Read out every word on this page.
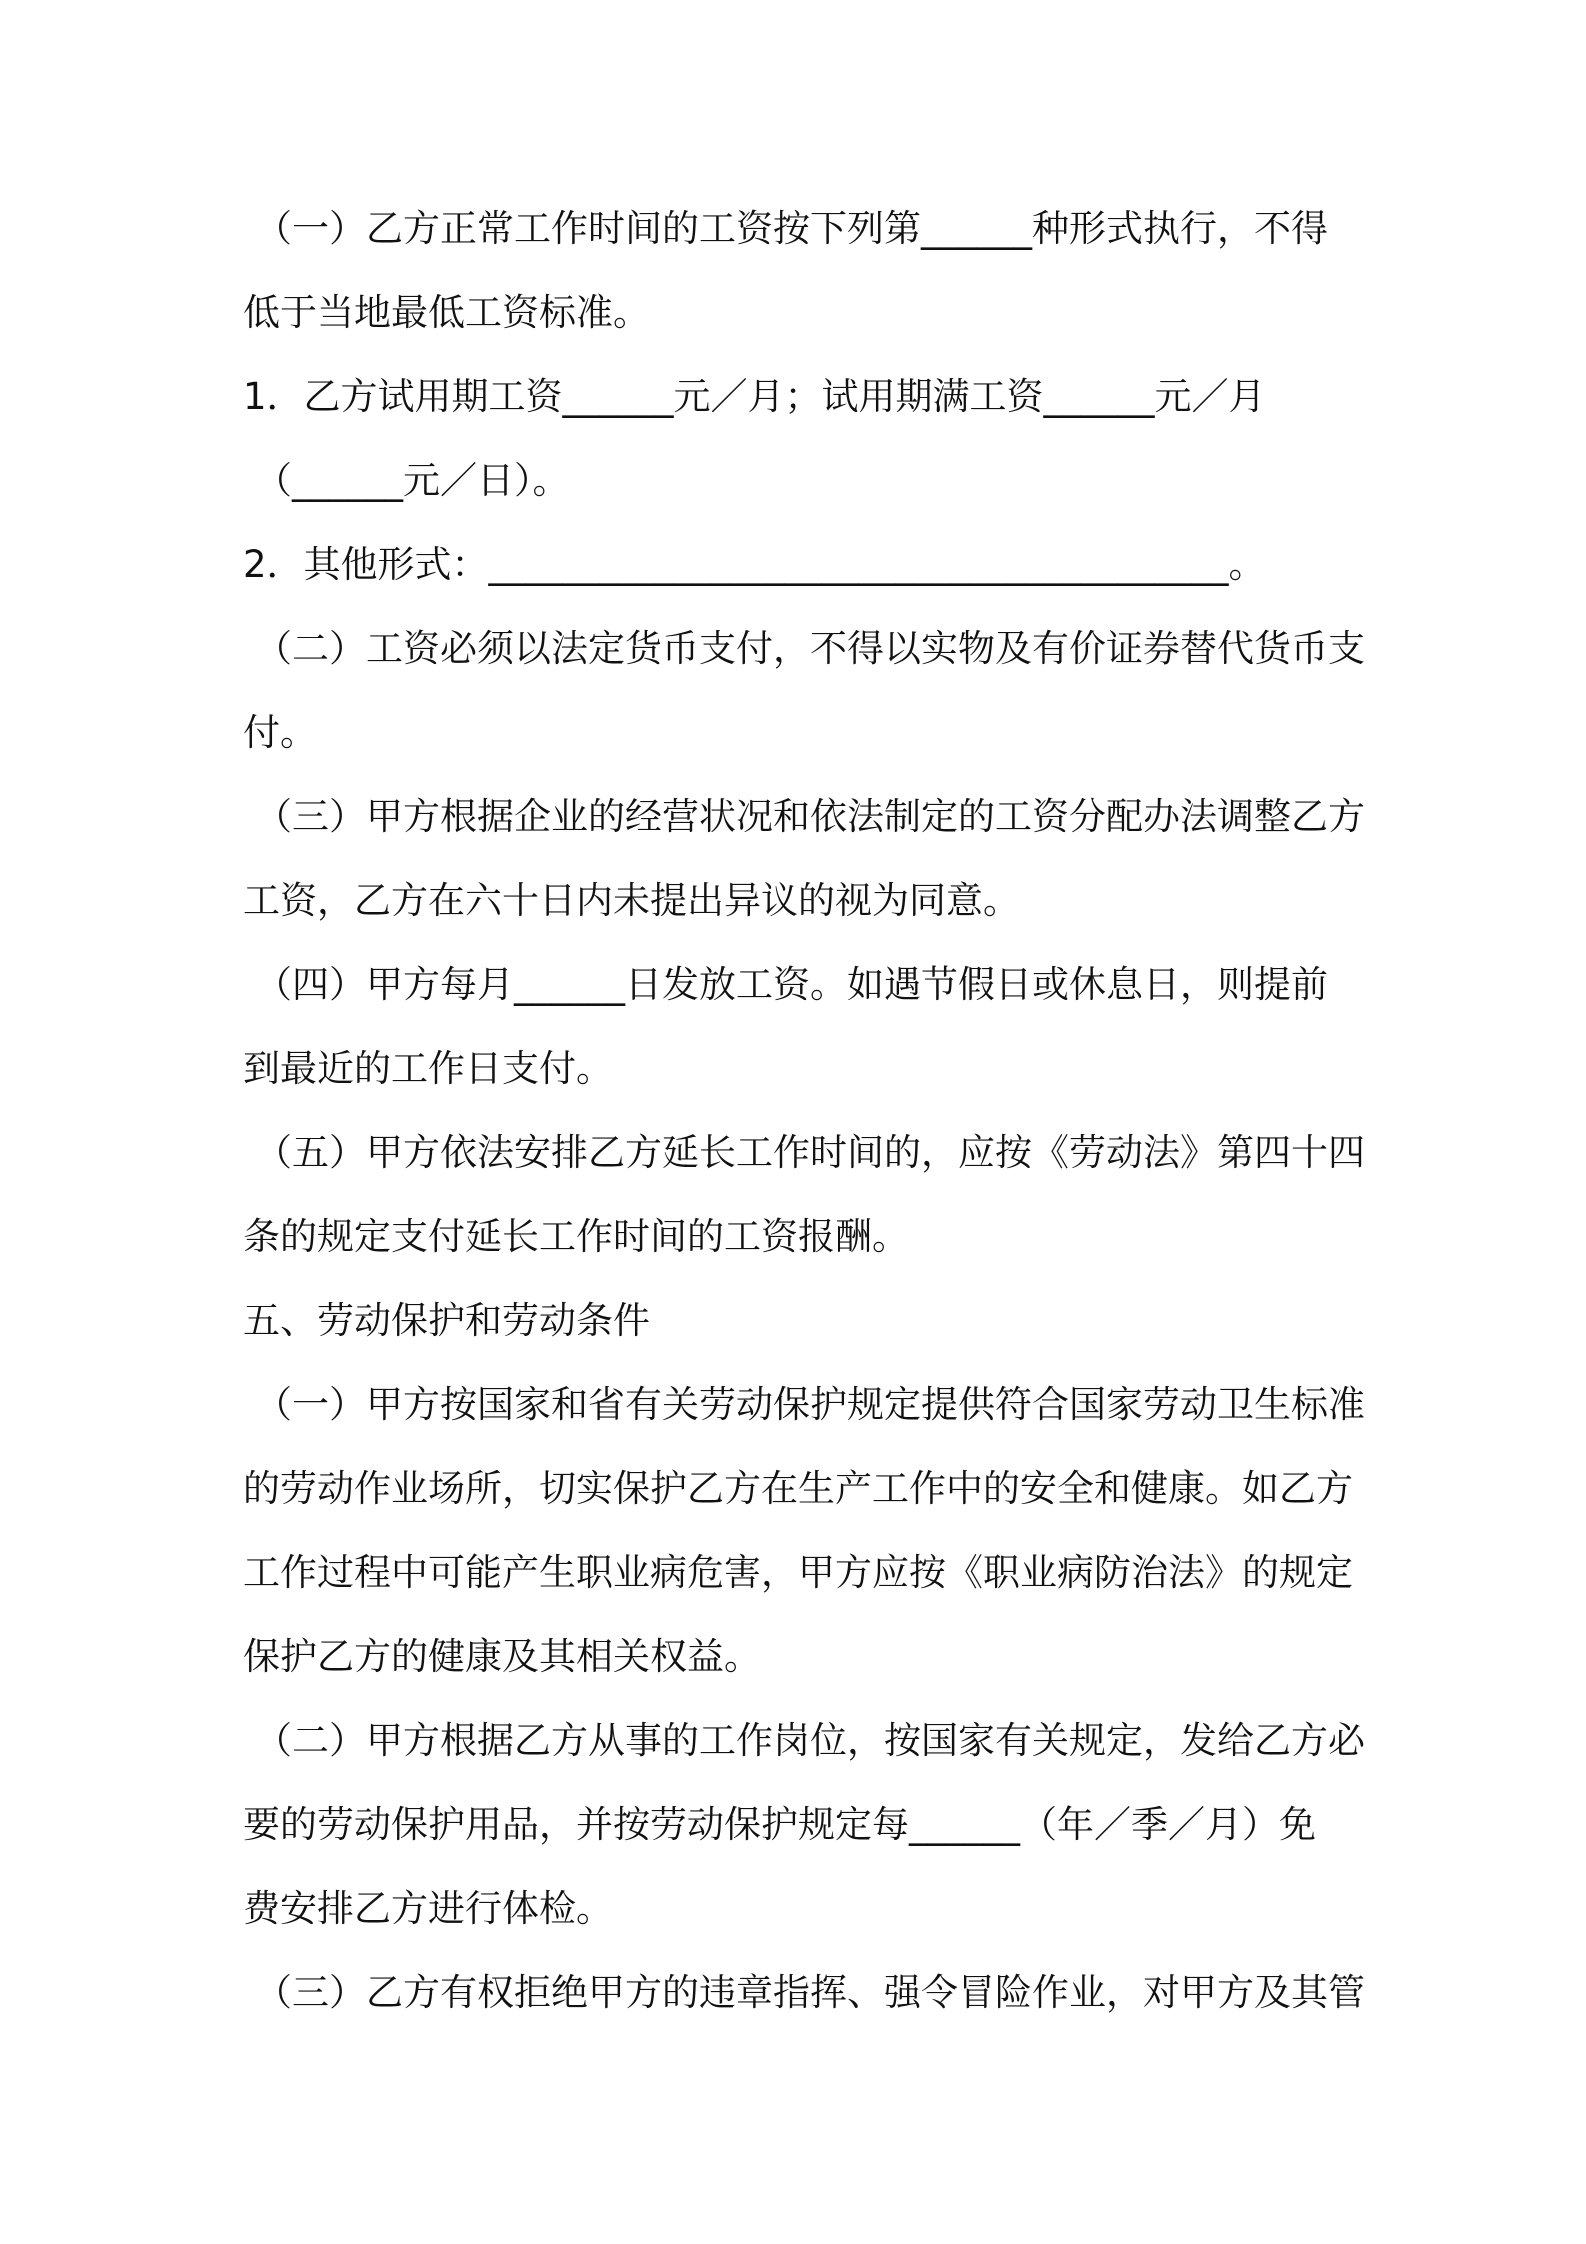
（一）乙方正常工作时间的工资按下列第______种形式执行，不得
低于当地最低工资标准。
1．乙方试用期工资______元／月；试用期满工资______元／月
（______元／日）。
2．其他形式：________________________________________。
（二）工资必须以法定货币支付，不得以实物及有价证券替代货币支
付。
（三）甲方根据企业的经营状况和依法制定的工资分配办法调整乙方
工资，乙方在六十日内未提出异议的视为同意。
（四）甲方每月______日发放工资。如遇节假日或休息日，则提前
到最近的工作日支付。
（五）甲方依法安排乙方延长工作时间的，应按《劳动法》第四十四
条的规定支付延长工作时间的工资报酬。
五、劳动保护和劳动条件
（一）甲方按国家和省有关劳动保护规定提供符合国家劳动卫生标准
的劳动作业场所，切实保护乙方在生产工作中的安全和健康。如乙方
工作过程中可能产生职业病危害，甲方应按《职业病防治法》的规定
保护乙方的健康及其相关权益。
（二）甲方根据乙方从事的工作岗位，按国家有关规定，发给乙方必
要的劳动保护用品，并按劳动保护规定每______（年／季／月）免
费安排乙方进行体检。
（三）乙方有权拒绝甲方的违章指挥、强令冒险作业，对甲方及其管
